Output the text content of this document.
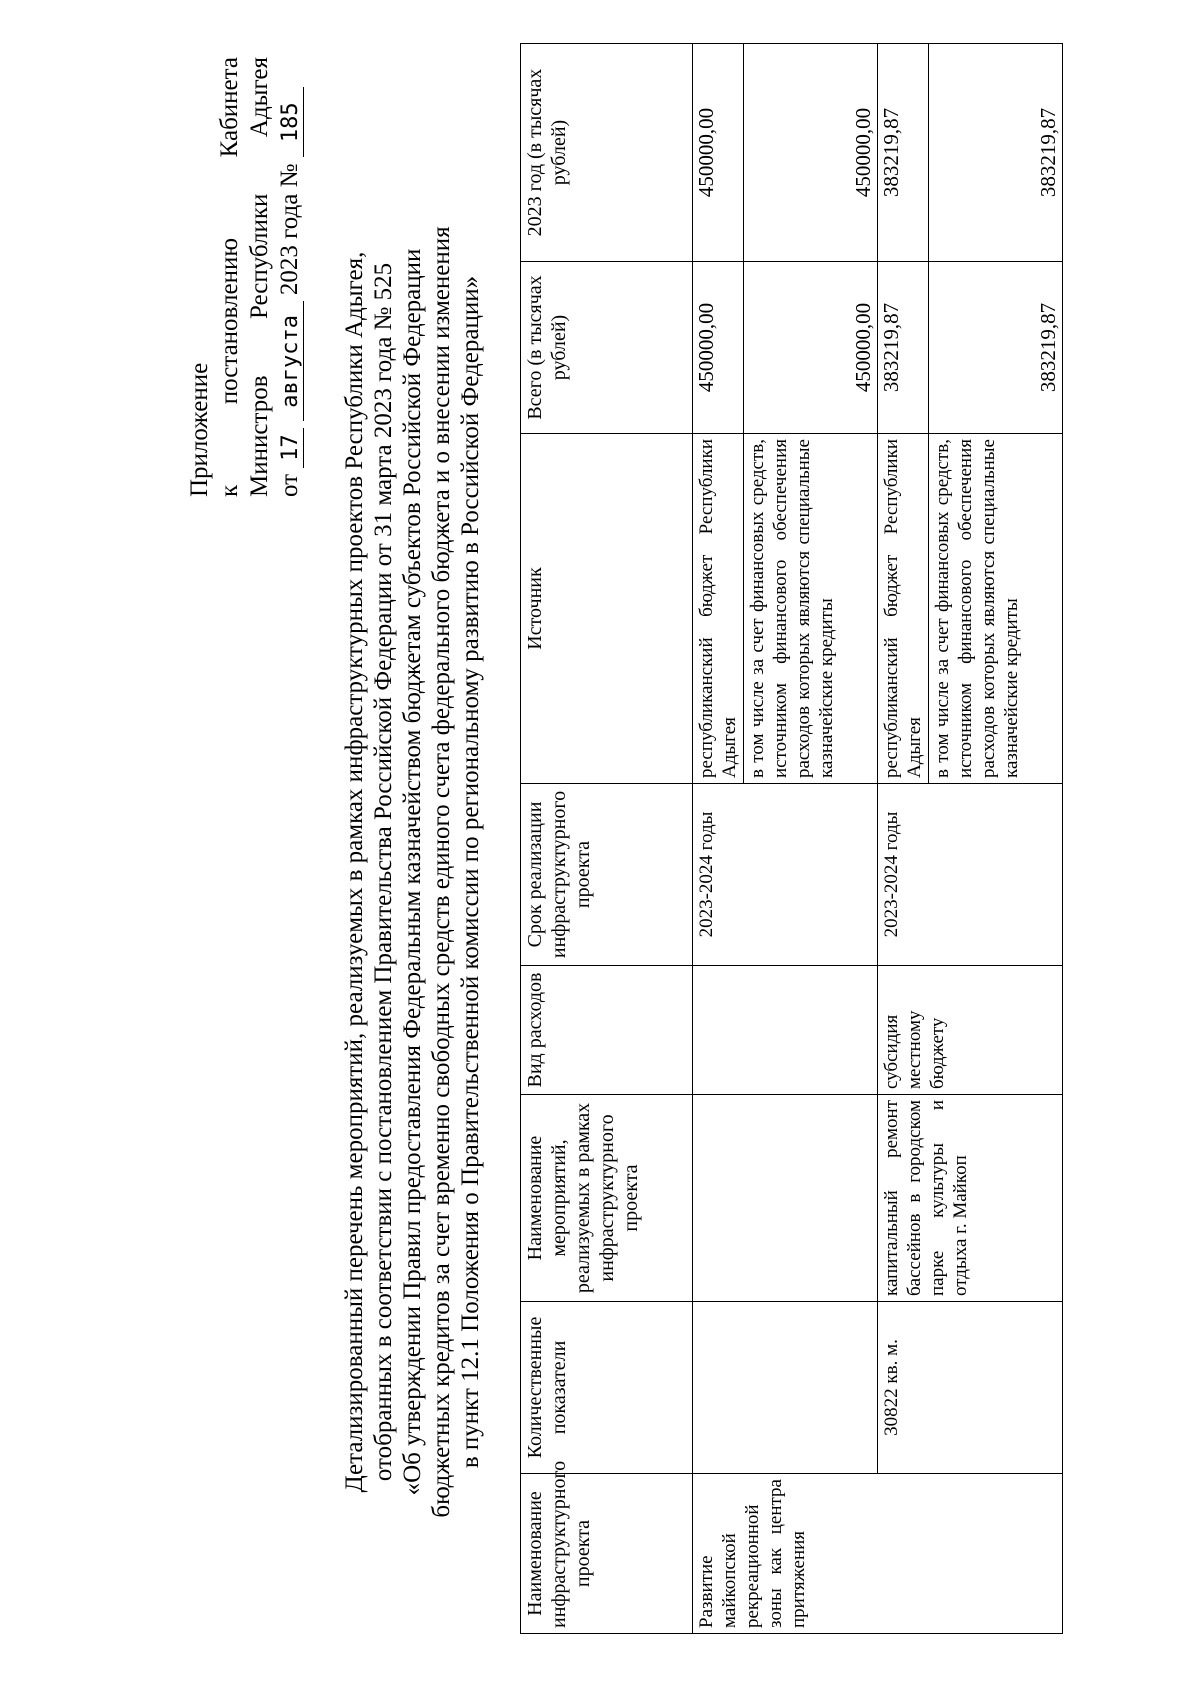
Приложение к
постановлению
Кабинета
Министров
Республики
Адыгея
от 17 августа 2023 года № 185
Детализированный перечень мероприятий, реализуемых в рамках инфраструктурных проектов Республики Адыгея, отобранных в соответствии с постановлением Правительства Российской Федерации от 31 марта 2023 года № 525 «Об утверждении Правил предоставления Федеральным казначейством бюджетам субъектов Российской Федерации бюджетных кредитов за счет временно свободных средств единого счета федерального бюджета и о внесении изменения в пункт 12.1 Положения о Правительственной комиссии по региональному развитию в Российской Федерации»
Наименование инфраструктурного проекта	Количественные показатели	Наименование мероприятий, реализуемых в рамках инфраструктурного проекта	Вид расходов	Срок реализации инфраструктурного проекта	Источник	Всего (в тысячах рублей)	2023 год (в тысячах рублей)
Развитие майкопской рекреационной зоны как центра притяжения				2023-2024 годы	республиканский бюджет Республики Адыгея	450000,00	450000,00
					в том числе за счет финансовых средств, источником финансового обеспечения расходов которых являются специальные казначейские кредиты	450000,00	450000,00
	30822 кв. м.	капитальный ремонт бассейнов в городском парке культуры и отдыха г. Майкоп	субсидия местному бюджету	2023-2024 годы	республиканский бюджет Республики Адыгея	383219,87	383219,87
					в том числе за счет финансовых средств, источником финансового обеспечения расходов которых являются специальные казначейские кредиты	383219,87	383219,87
